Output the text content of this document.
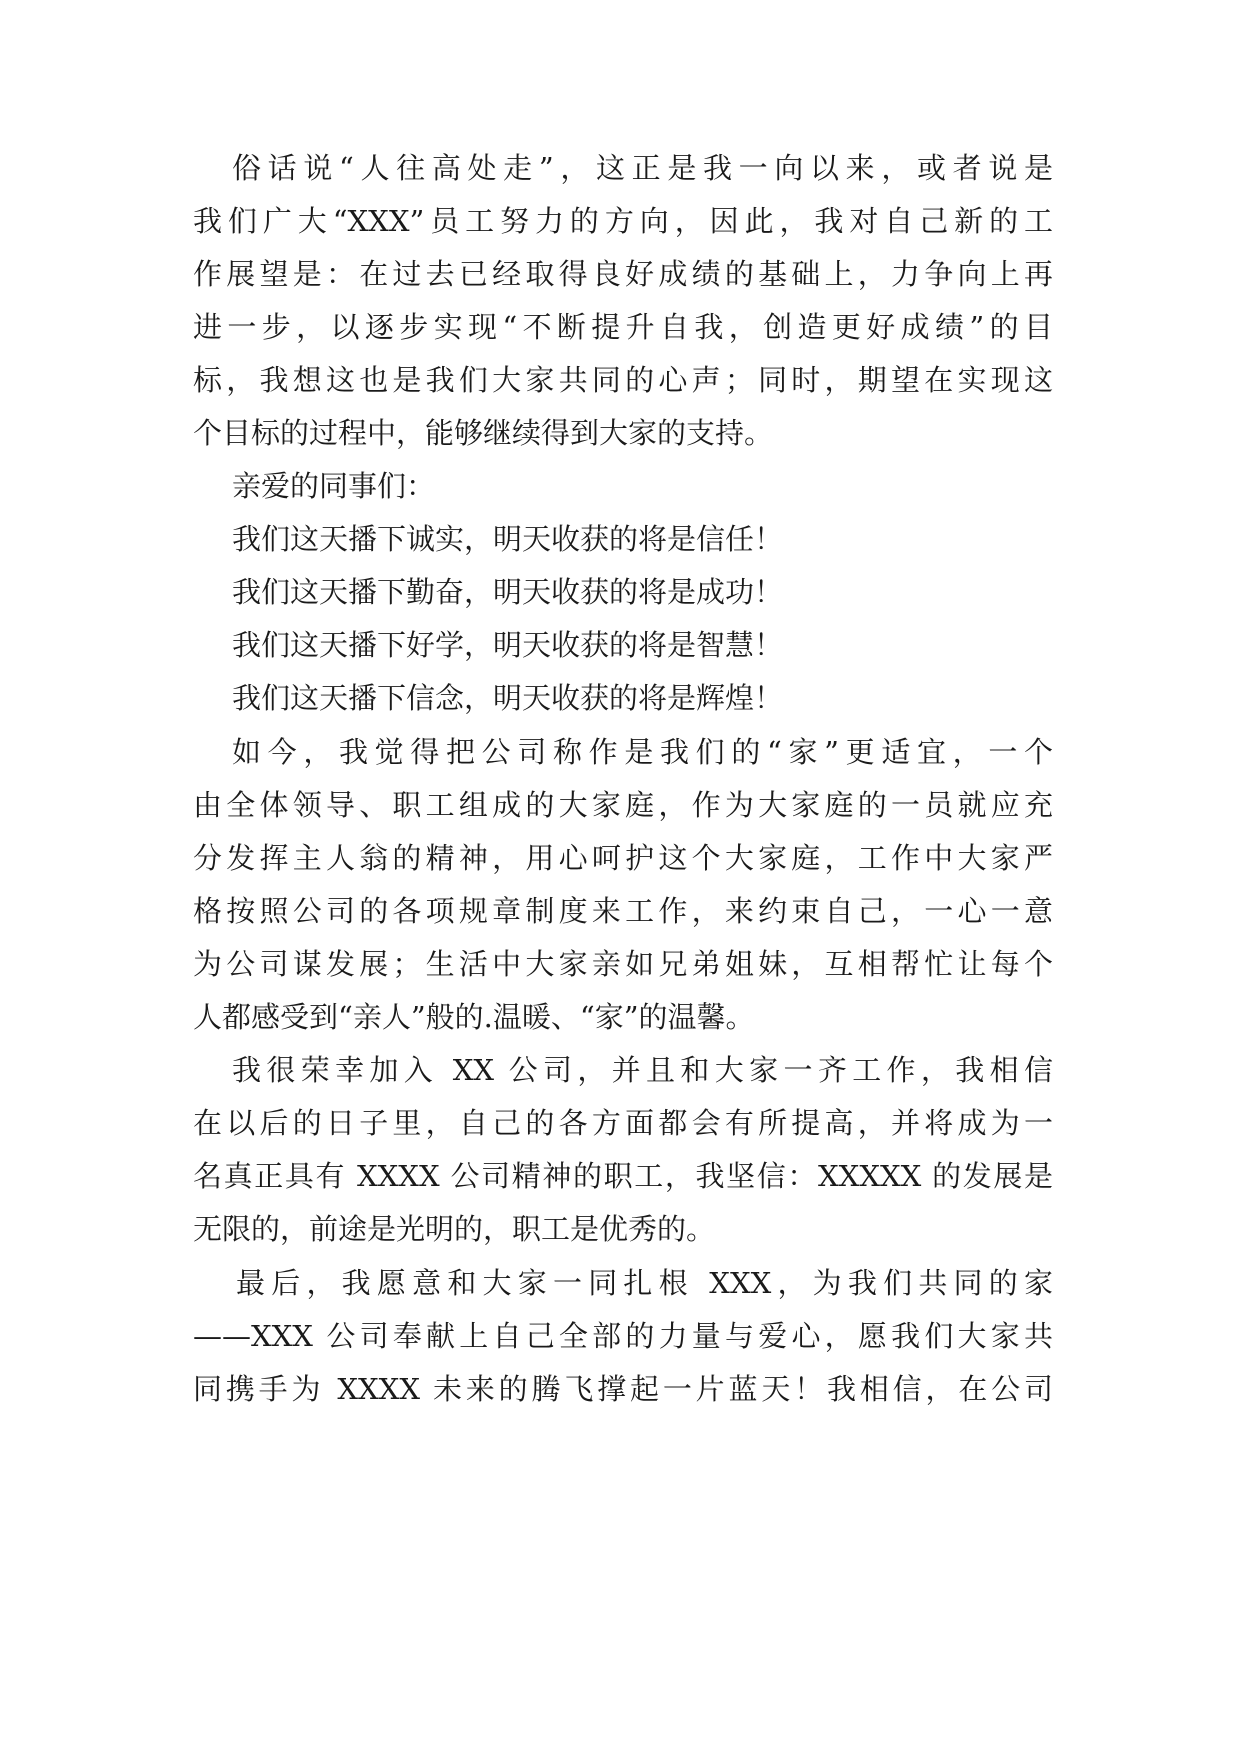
俗话说“人往高处走”，这正是我一向以来，或者说是
我们广大“XXX”员工努力的方向，因此，我对自己新的工
作展望是：在过去已经取得良好成绩的基础上，力争向上再
进一步，以逐步实现“不断提升自我，创造更好成绩”的目
标，我想这也是我们大家共同的心声；同时，期望在实现这
个目标的过程中，能够继续得到大家的支持。
亲爱的同事们：
我们这天播下诚实，明天收获的将是信任！
我们这天播下勤奋，明天收获的将是成功！
我们这天播下好学，明天收获的将是智慧！
我们这天播下信念，明天收获的将是辉煌！
如今，我觉得把公司称作是我们的“家”更适宜，一个
由全体领导、职工组成的大家庭，作为大家庭的一员就应充
分发挥主人翁的精神，用心呵护这个大家庭，工作中大家严
格按照公司的各项规章制度来工作，来约束自己，一心一意
为公司谋发展；生活中大家亲如兄弟姐妹，互相帮忙让每个
人都感受到“亲人”般的.温暖、“家”的温馨。
我很荣幸加入 XX 公司，并且和大家一齐工作，我相信
在以后的日子里，自己的各方面都会有所提高，并将成为一
名真正具有 XXXX 公司精神的职工，我坚信：XXXXX 的发展是
无限的，前途是光明的，职工是优秀的。
最后，我愿意和大家一同扎根 XXX，为我们共同的家
——XXX 公司奉献上自己全部的力量与爱心，愿我们大家共
同携手为 XXXX 未来的腾飞撑起一片蓝天！我相信，在公司
